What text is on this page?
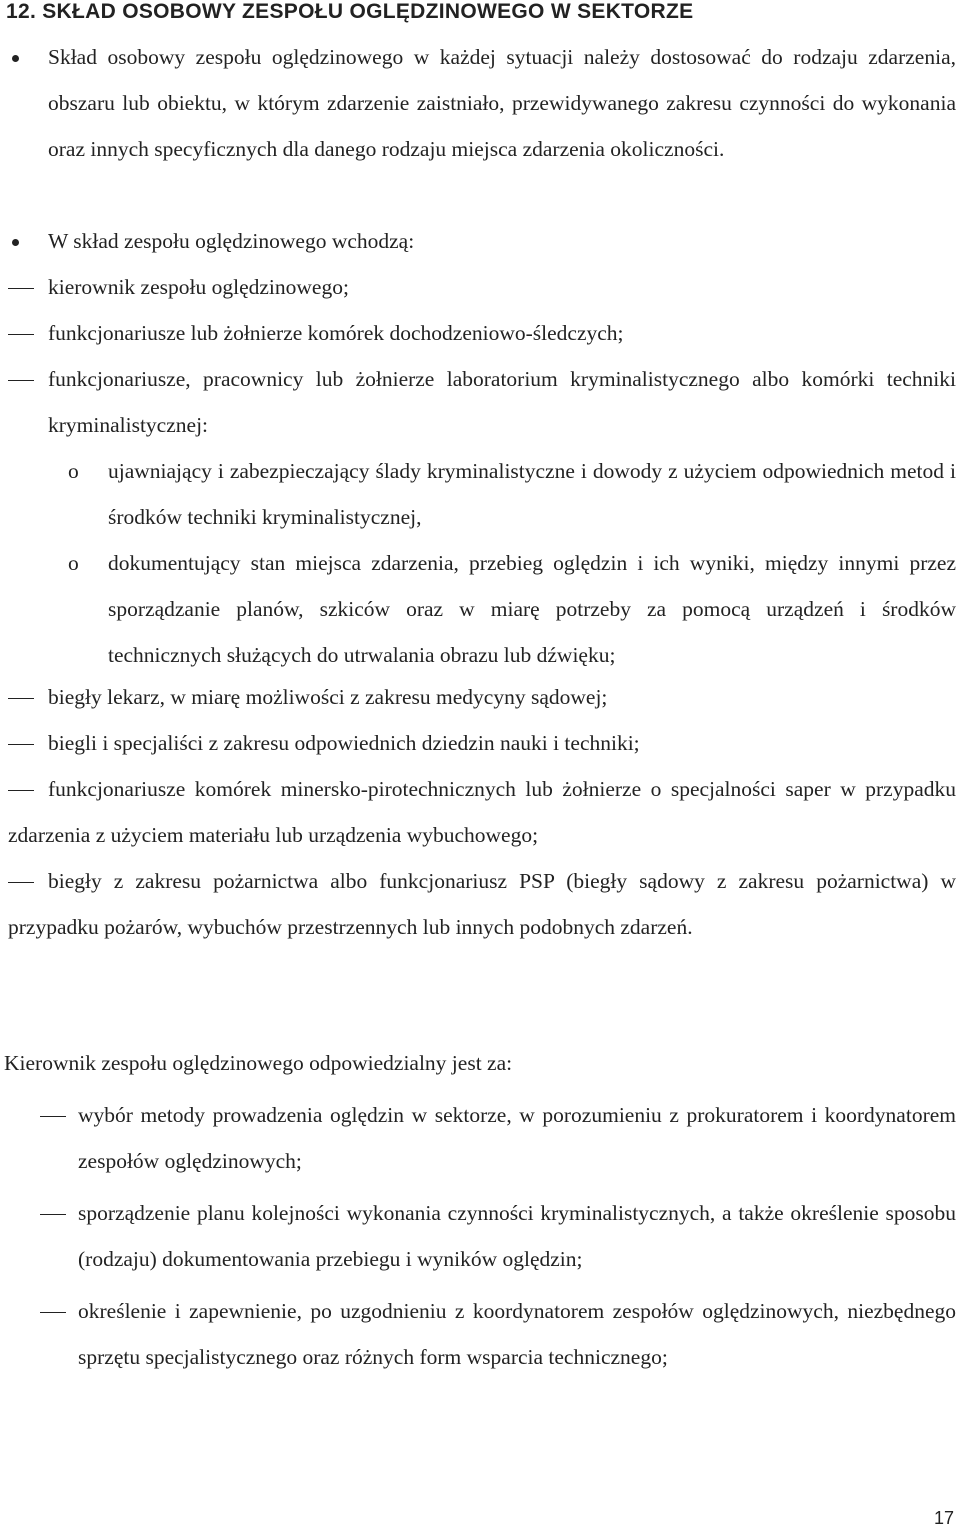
12. SKŁAD OSOBOWY ZESPOŁU OGLĘDZINOWEGO W SEKTORZE

Skład osobowy zespołu oględzinowego w każdej sytuacji należy dostosować do rodzaju zdarzenia, obszaru lub obiektu, w którym zdarzenie zaistniało, przewidywanego zakresu czynności do wykonania oraz innych specyficznych dla danego rodzaju miejsca zdarzenia okoliczności.

W skład zespołu oględzinowego wchodzą:

kierownik zespołu oględzinowego;

funkcjonariusze lub żołnierze komórek dochodzeniowo-śledczych;

funkcjonariusze, pracownicy lub żołnierze laboratorium kryminalistycznego albo komórki techniki kryminalistycznej:

o ujawniający i zabezpieczający ślady kryminalistyczne i dowody z użyciem odpowiednich metod i środków techniki kryminalistycznej,

o dokumentujący stan miejsca zdarzenia, przebieg oględzin i ich wyniki, między innymi przez sporządzanie planów, szkiców oraz w miarę potrzeby za pomocą urządzeń i środków technicznych służących do utrwalania obrazu lub dźwięku;

biegły lekarz, w miarę możliwości z zakresu medycyny sądowej;

biegli i specjaliści z zakresu odpowiednich dziedzin nauki i techniki;

funkcjonariusze komórek minersko-pirotechnicznych lub żołnierze o specjalności saper w przypadku zdarzenia z użyciem materiału lub urządzenia wybuchowego;

biegły z zakresu pożarnictwa albo funkcjonariusz PSP (biegły sądowy z zakresu pożarnictwa) w przypadku pożarów, wybuchów przestrzennych lub innych podobnych zdarzeń.

Kierownik zespołu oględzinowego odpowiedzialny jest za:

wybór metody prowadzenia oględzin w sektorze, w porozumieniu z prokuratorem i koordynatorem zespołów oględzinowych;

sporządzenie planu kolejności wykonania czynności kryminalistycznych, a także określenie sposobu (rodzaju) dokumentowania przebiegu i wyników oględzin;

określenie i zapewnienie, po uzgodnieniu z koordynatorem zespołów oględzinowych, niezbędnego sprzętu specjalistycznego oraz różnych form wsparcia technicznego;

17
